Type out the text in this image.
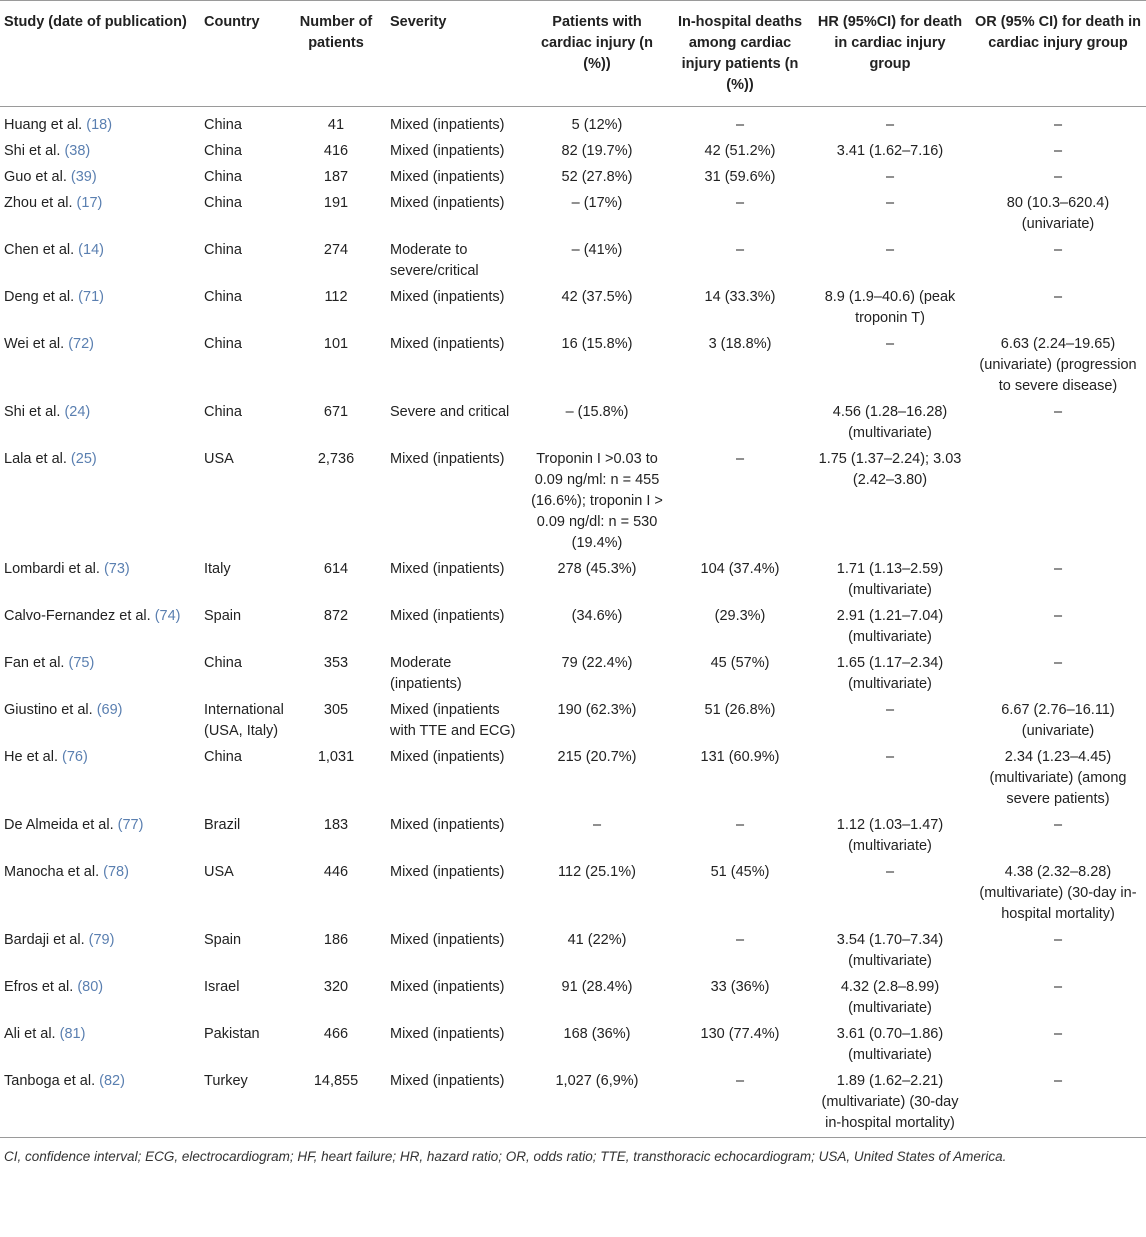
Study (date of publication)	Country	Number of patients	Severity	Patients with cardiac injury (n (%))	In-hospital deaths among cardiac injury patients (n (%))	HR (95%CI) for death in cardiac injury group	OR (95% CI) for death in cardiac injury group
Huang et al. (18)	China	41	Mixed (inpatients)	5 (12%)	–	–	–
Shi et al. (38)	China	416	Mixed (inpatients)	82 (19.7%)	42 (51.2%)	3.41 (1.62–7.16)	–
Guo et al. (39)	China	187	Mixed (inpatients)	52 (27.8%)	31 (59.6%)	–	–
Zhou et al. (17)	China	191	Mixed (inpatients)	– (17%)	–	–	80 (10.3–620.4) (univariate)
Chen et al. (14)	China	274	Moderate to severe/critical	– (41%)	–	–	–
Deng et al. (71)	China	112	Mixed (inpatients)	42 (37.5%)	14 (33.3%)	8.9 (1.9–40.6) (peak troponin T)	–
Wei et al. (72)	China	101	Mixed (inpatients)	16 (15.8%)	3 (18.8%)	–	6.63 (2.24–19.65) (univariate) (progression to severe disease)
Shi et al. (24)	China	671	Severe and critical	– (15.8%)		4.56 (1.28–16.28) (multivariate)	–
Lala et al. (25)	USA	2,736	Mixed (inpatients)	Troponin I >0.03 to 0.09 ng/ml: n = 455 (16.6%); troponin I > 0.09 ng/dl: n = 530 (19.4%)	–	1.75 (1.37–2.24); 3.03 (2.42–3.80)	
Lombardi et al. (73)	Italy	614	Mixed (inpatients)	278 (45.3%)	104 (37.4%)	1.71 (1.13–2.59) (multivariate)	–
Calvo-Fernandez et al. (74)	Spain	872	Mixed (inpatients)	(34.6%)	(29.3%)	2.91 (1.21–7.04) (multivariate)	–
Fan et al. (75)	China	353	Moderate (inpatients)	79 (22.4%)	45 (57%)	1.65 (1.17–2.34) (multivariate)	–
Giustino et al. (69)	International (USA, Italy)	305	Mixed (inpatients with TTE and ECG)	190 (62.3%)	51 (26.8%)	–	6.67 (2.76–16.11) (univariate)
He et al. (76)	China	1,031	Mixed (inpatients)	215 (20.7%)	131 (60.9%)	–	2.34 (1.23–4.45) (multivariate) (among severe patients)
De Almeida et al. (77)	Brazil	183	Mixed (inpatients)	–	–	1.12 (1.03–1.47) (multivariate)	–
Manocha et al. (78)	USA	446	Mixed (inpatients)	112 (25.1%)	51 (45%)	–	4.38 (2.32–8.28) (multivariate) (30-day in-hospital mortality)
Bardaji et al. (79)	Spain	186	Mixed (inpatients)	41 (22%)	–	3.54 (1.70–7.34) (multivariate)	–
Efros et al. (80)	Israel	320	Mixed (inpatients)	91 (28.4%)	33 (36%)	4.32 (2.8–8.99) (multivariate)	–
Ali et al. (81)	Pakistan	466	Mixed (inpatients)	168 (36%)	130 (77.4%)	3.61 (0.70–1.86) (multivariate)	–
Tanboga et al. (82)	Turkey	14,855	Mixed (inpatients)	1,027 (6,9%)	–	1.89 (1.62–2.21) (multivariate) (30-day in-hospital mortality)	–
CI, confidence interval; ECG, electrocardiogram; HF, heart failure; HR, hazard ratio; OR, odds ratio; TTE, transthoracic echocardiogram; USA, United States of America.							
